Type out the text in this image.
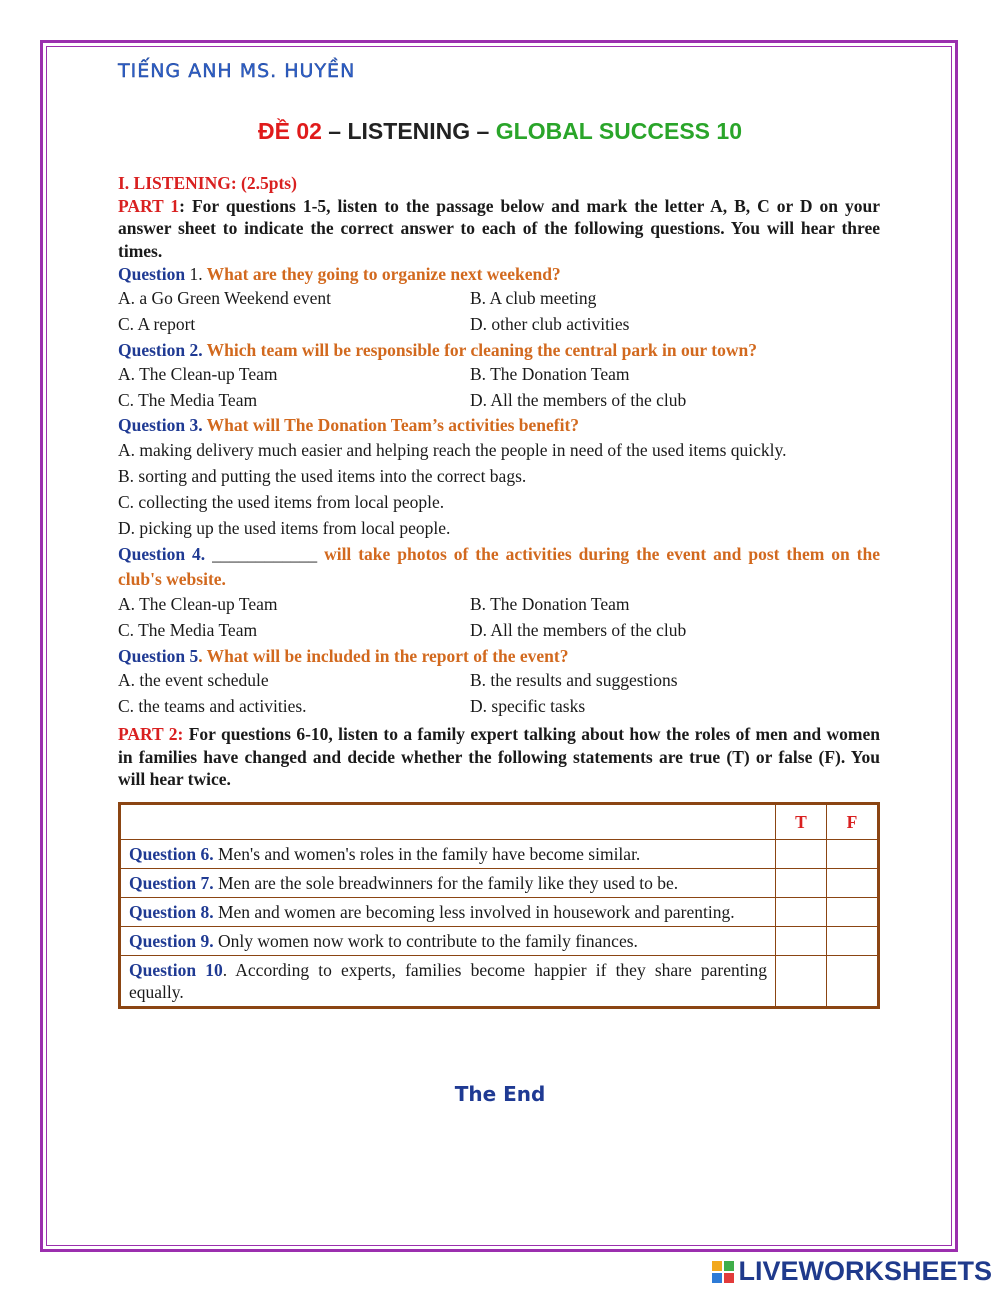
TIẾNG ANH MS. HUYỀN
ĐỀ 02 – LISTENING – GLOBAL SUCCESS 10
I. LISTENING: (2.5pts)
PART 1: For questions 1-5, listen to the passage below and mark the letter A, B, C or D on your answer sheet to indicate the correct answer to each of the following questions. You will hear three times.
Question 1. What are they going to organize next weekend?
A. a Go Green Weekend event	B. A club meeting
C. A report	D. other club activities
Question 2. Which team will be responsible for cleaning the central park in our town?
A. The Clean-up Team	B. The Donation Team
C. The Media Team	D. All the members of the club
Question 3. What will The Donation Team’s activities benefit?
A. making delivery much easier and helping reach the people in need of the used items quickly.
B. sorting and putting the used items into the correct bags.
C. collecting the used items from local people.
D. picking up the used items from local people.
Question 4. ____________ will take photos of the activities during the event and post them on the club's website.
A. The Clean-up Team	B. The Donation Team
C. The Media Team	D. All the members of the club
Question 5. What will be included in the report of the event?
A. the event schedule	B. the results and suggestions
C. the teams and activities.	D. specific tasks
PART 2: For questions 6-10, listen to a family expert talking about how the roles of men and women in families have changed and decide whether the following statements are true (T) or false (F). You will hear twice.
	T	F
Question 6. Men's and women's roles in the family have become similar.		
Question 7. Men are the sole breadwinners for the family like they used to be.		
Question 8. Men and women are becoming less involved in housework and parenting.		
Question 9. Only women now work to contribute to the family finances.		
Question 10. According to experts, families become happier if they share parenting equally.		
The End
LIVEWORKSHEETS
